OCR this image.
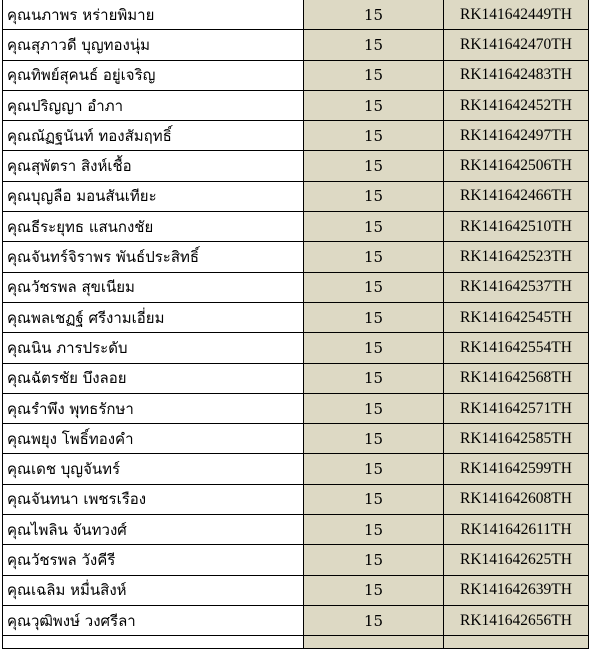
คุณนภาพร หร่ายพิมาย	15	RK141642449TH
คุณสุภาวดี บุญทองนุ่ม	15	RK141642470TH
คุณทิพย์สุคนธ์ อยู่เจริญ	15	RK141642483TH
คุณปริญญา อำภา	15	RK141642452TH
คุณณัฏฐนันท์ ทองสัมฤทธิ์	15	RK141642497TH
คุณสุพัตรา สิงห์เชื้อ	15	RK141642506TH
คุณบุญลือ มอนสันเทียะ	15	RK141642466TH
คุณธีระยุทธ แสนกงชัย	15	RK141642510TH
คุณจันทร์จิราพร พันธ์ประสิทธิ์	15	RK141642523TH
คุณวัชรพล สุขเนียม	15	RK141642537TH
คุณพลเชฏฐ์ ศรีงามเอี่ยม	15	RK141642545TH
คุณนิน ภารประดับ	15	RK141642554TH
คุณฉัตรชัย บึงลอย	15	RK141642568TH
คุณรำพึง พุทธรักษา	15	RK141642571TH
คุณพยุง โพธิ์ทองคำ	15	RK141642585TH
คุณเดช บุญจันทร์	15	RK141642599TH
คุณจันทนา เพชรเรือง	15	RK141642608TH
คุณไพลิน จันทวงศ์	15	RK141642611TH
คุณวัชรพล วังคีรี	15	RK141642625TH
คุณเฉลิม หมื่นสิงห์	15	RK141642639TH
คุณวุฒิพงษ์ วงศรีลา	15	RK141642656TH
